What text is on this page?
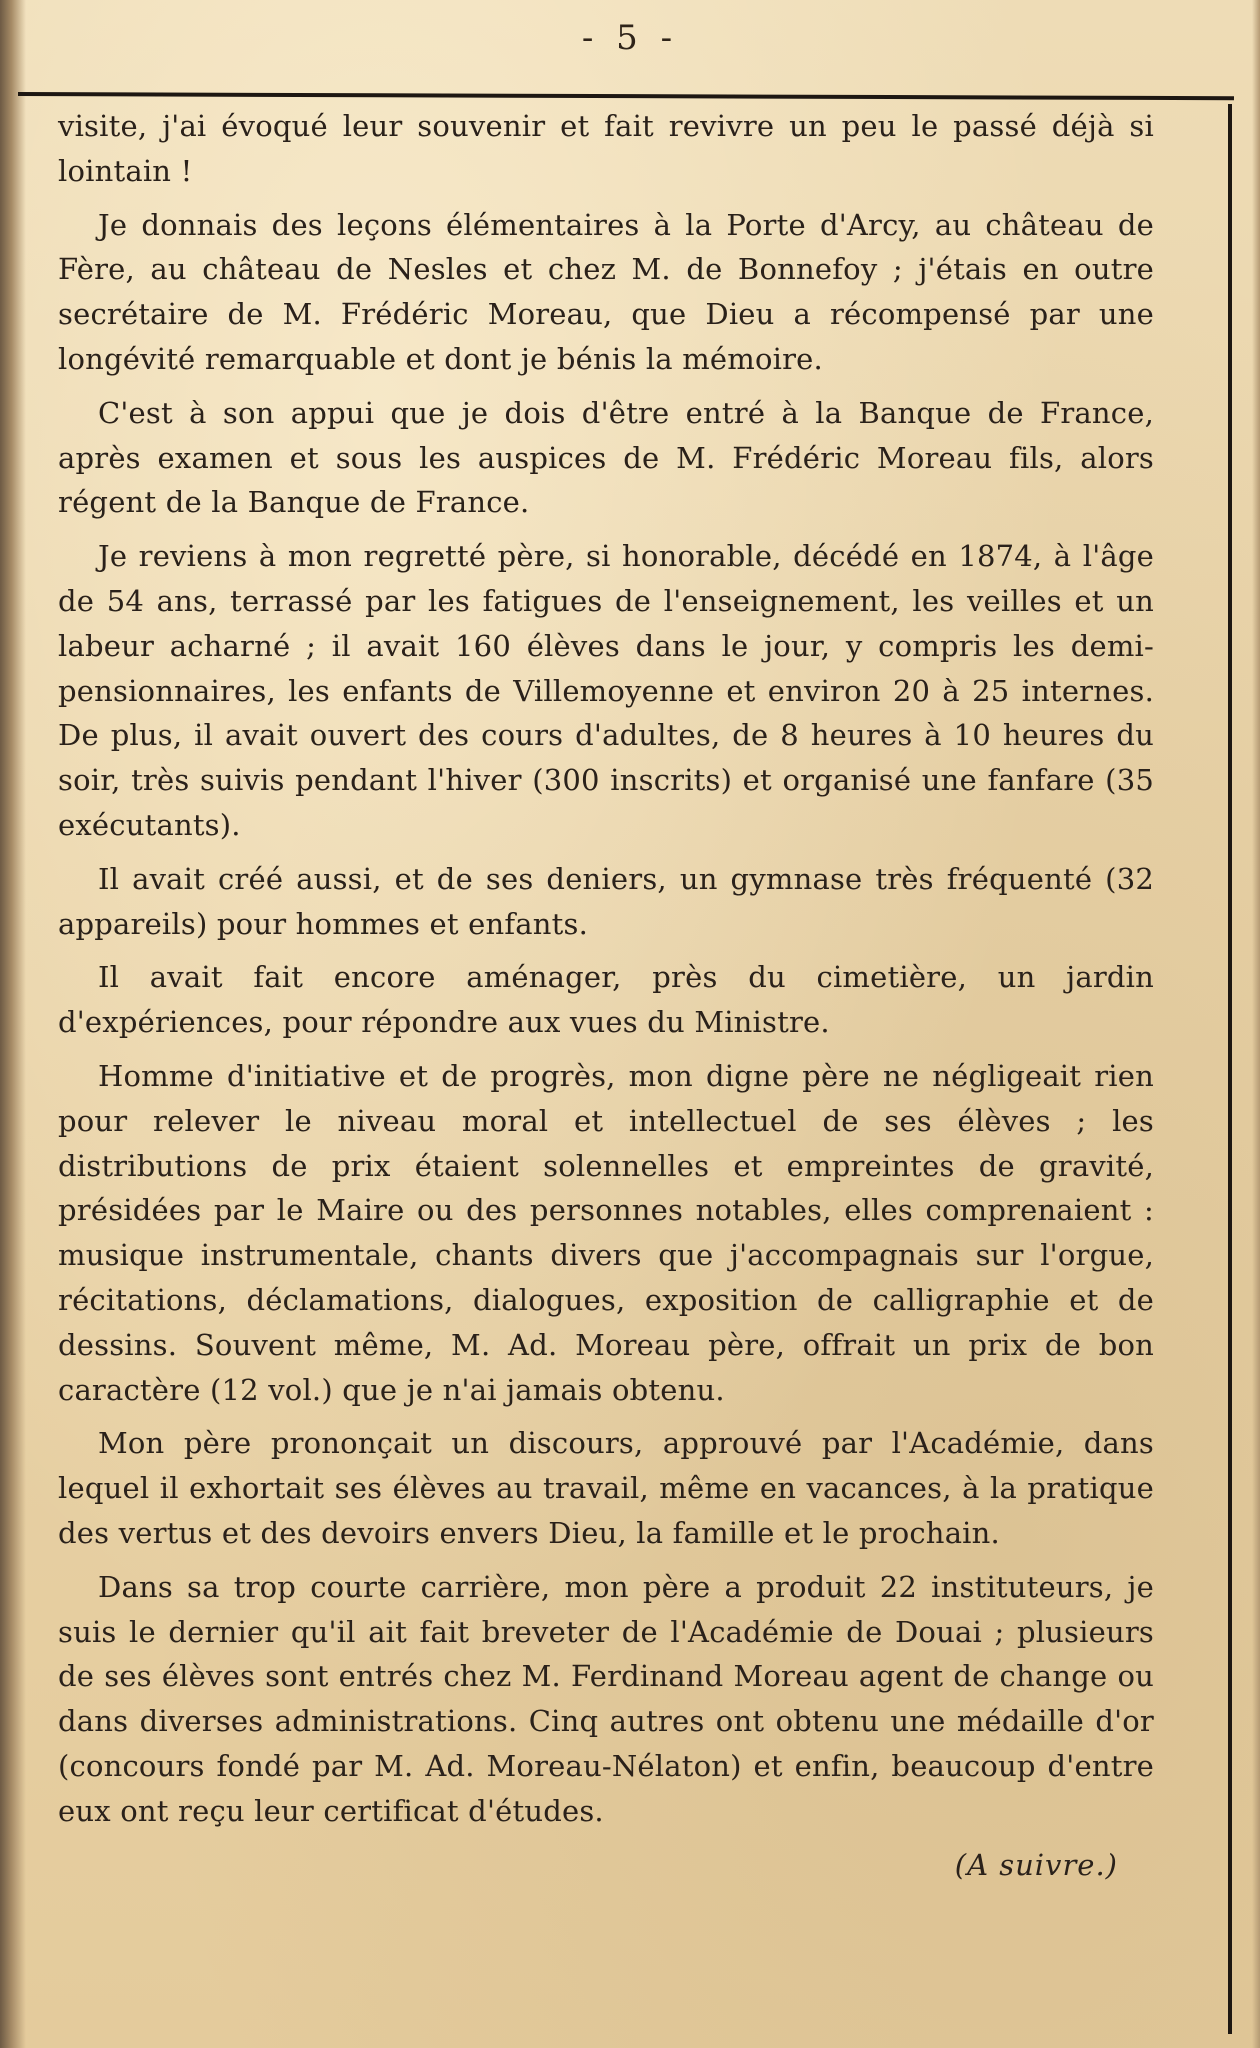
- 5 -

visite, j'ai évoqué leur souvenir et fait revivre un peu le passé déjà si lointain !

Je donnais des leçons élémentaires à la Porte d'Arcy, au château de Fère, au château de Nesles et chez M. de Bonnefoy ; j'étais en outre secrétaire de M. Frédéric Moreau, que Dieu a récompensé par une longévité remarquable et dont je bénis la mémoire.

C'est à son appui que je dois d'être entré à la Banque de France, après examen et sous les auspices de M. Frédéric Moreau fils, alors régent de la Banque de France.

Je reviens à mon regretté père, si honorable, décédé en 1874, à l'âge de 54 ans, terrassé par les fatigues de l'enseignement, les veilles et un labeur acharné ; il avait 160 élèves dans le jour, y compris les demi-pensionnaires, les enfants de Villemoyenne et environ 20 à 25 internes. De plus, il avait ouvert des cours d'adultes, de 8 heures à 10 heures du soir, très suivis pendant l'hiver (300 inscrits) et organisé une fanfare (35 exécutants).

Il avait créé aussi, et de ses deniers, un gymnase très fréquenté (32 appareils) pour hommes et enfants.

Il avait fait encore aménager, près du cimetière, un jardin d'expériences, pour répondre aux vues du Ministre.

Homme d'initiative et de progrès, mon digne père ne négligeait rien pour relever le niveau moral et intellectuel de ses élèves ; les distributions de prix étaient solennelles et empreintes de gravité, présidées par le Maire ou des personnes notables, elles comprenaient : musique instrumentale, chants divers que j'accompagnais sur l'orgue, récitations, déclamations, dialogues, exposition de calligraphie et de dessins. Souvent même, M. Ad. Moreau père, offrait un prix de bon caractère (12 vol.) que je n'ai jamais obtenu.

Mon père prononçait un discours, approuvé par l'Académie, dans lequel il exhortait ses élèves au travail, même en vacances, à la pratique des vertus et des devoirs envers Dieu, la famille et le prochain.

Dans sa trop courte carrière, mon père a produit 22 instituteurs, je suis le dernier qu'il ait fait breveter de l'Académie de Douai ; plusieurs de ses élèves sont entrés chez M. Ferdinand Moreau agent de change ou dans diverses administrations. Cinq autres ont obtenu une médaille d'or (concours fondé par M. Ad. Moreau-Nélaton) et enfin, beaucoup d'entre eux ont reçu leur certificat d'études.

(A suivre.)
